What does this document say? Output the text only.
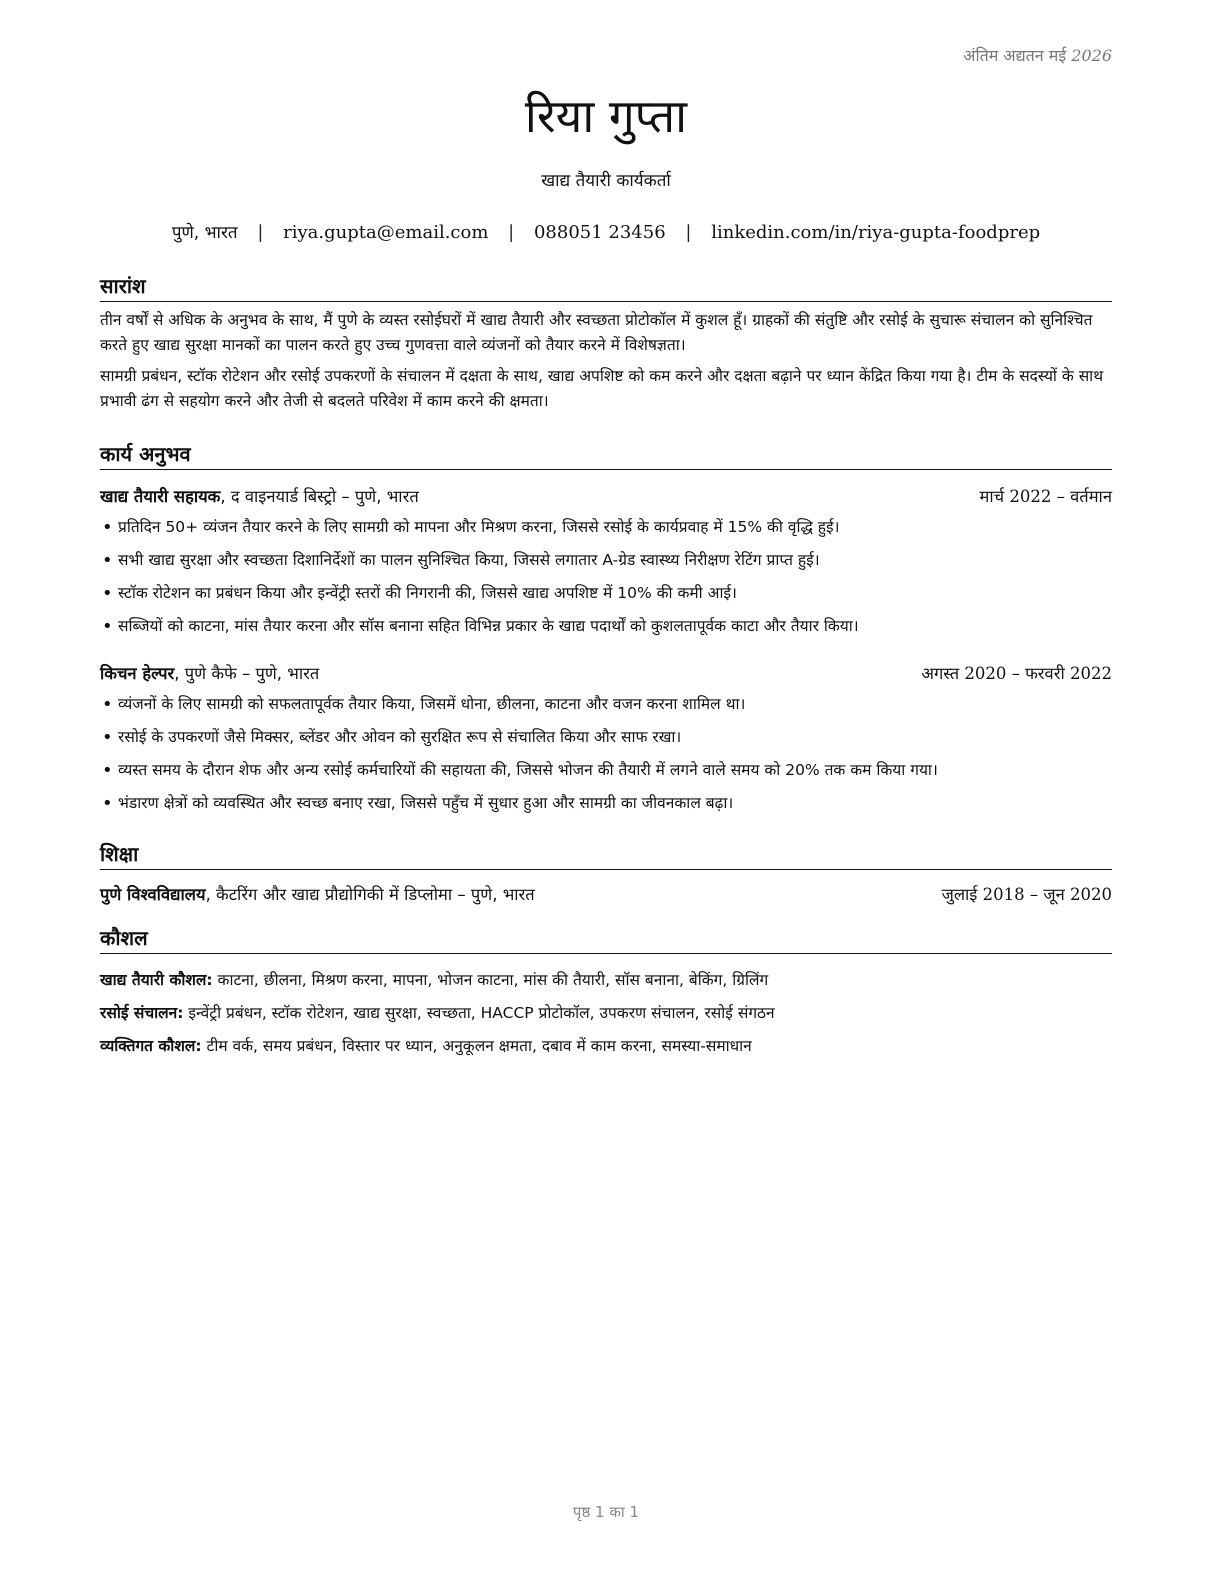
अंतिम अद्यतन मई 2026
रिया गुप्ता
खाद्य तैयारी कार्यकर्ता
पुणे, भारत | riya.gupta@email.com | 088051 23456 | linkedin.com/in/riya-gupta-foodprep
सारांश

तीन वर्षों से अधिक के अनुभव के साथ, मैं पुणे के व्यस्त रसोईघरों में खाद्य तैयारी और स्वच्छता प्रोटोकॉल में कुशल हूँ। ग्राहकों की संतुष्टि और रसोई के सुचारू संचालन को सुनिश्चित करते हुए खाद्य सुरक्षा मानकों का पालन करते हुए उच्च गुणवत्ता वाले व्यंजनों को तैयार करने में विशेषज्ञता।

सामग्री प्रबंधन, स्टॉक रोटेशन और रसोई उपकरणों के संचालन में दक्षता के साथ, खाद्य अपशिष्ट को कम करने और दक्षता बढ़ाने पर ध्यान केंद्रित किया गया है। टीम के सदस्यों के साथ प्रभावी ढंग से सहयोग करने और तेजी से बदलते परिवेश में काम करने की क्षमता।

कार्य अनुभव
खाद्य तैयारी सहायक, द वाइनयार्ड बिस्ट्रो – पुणे, भारत	मार्च 2022 – वर्तमान
• प्रतिदिन 50+ व्यंजन तैयार करने के लिए सामग्री को मापना और मिश्रण करना, जिससे रसोई के कार्यप्रवाह में 15% की वृद्धि हुई।
• सभी खाद्य सुरक्षा और स्वच्छता दिशानिर्देशों का पालन सुनिश्चित किया, जिससे लगातार A-ग्रेड स्वास्थ्य निरीक्षण रेटिंग प्राप्त हुई।
• स्टॉक रोटेशन का प्रबंधन किया और इन्वेंट्री स्तरों की निगरानी की, जिससे खाद्य अपशिष्ट में 10% की कमी आई।
• सब्जियों को काटना, मांस तैयार करना और सॉस बनाना सहित विभिन्न प्रकार के खाद्य पदार्थों को कुशलतापूर्वक काटा और तैयार किया।
किचन हेल्पर, पुणे कैफे – पुणे, भारत	अगस्त 2020 – फरवरी 2022
• व्यंजनों के लिए सामग्री को सफलतापूर्वक तैयार किया, जिसमें धोना, छीलना, काटना और वजन करना शामिल था।
• रसोई के उपकरणों जैसे मिक्सर, ब्लेंडर और ओवन को सुरक्षित रूप से संचालित किया और साफ रखा।
• व्यस्त समय के दौरान शेफ और अन्य रसोई कर्मचारियों की सहायता की, जिससे भोजन की तैयारी में लगने वाले समय को 20% तक कम किया गया।
• भंडारण क्षेत्रों को व्यवस्थित और स्वच्छ बनाए रखा, जिससे पहुँच में सुधार हुआ और सामग्री का जीवनकाल बढ़ा।
शिक्षा
पुणे विश्वविद्यालय, कैटरिंग और खाद्य प्रौद्योगिकी में डिप्लोमा – पुणे, भारत	जुलाई 2018 – जून 2020
कौशल
खाद्य तैयारी कौशल: काटना, छीलना, मिश्रण करना, मापना, भोजन काटना, मांस की तैयारी, सॉस बनाना, बेकिंग, ग्रिलिंग
रसोई संचालन: इन्वेंट्री प्रबंधन, स्टॉक रोटेशन, खाद्य सुरक्षा, स्वच्छता, HACCP प्रोटोकॉल, उपकरण संचालन, रसोई संगठन
व्यक्तिगत कौशल: टीम वर्क, समय प्रबंधन, विस्तार पर ध्यान, अनुकूलन क्षमता, दबाव में काम करना, समस्या-समाधान
पृष्ठ 1 का 1
